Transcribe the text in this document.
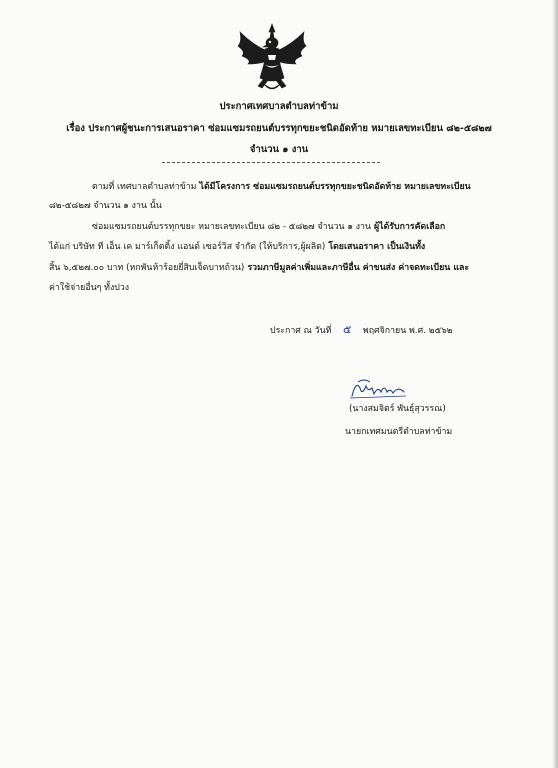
ประกาศเทศบาลตำบลท่าข้าม
เรื่อง ประกาศผู้ชนะการเสนอราคา ซ่อมแซมรถยนต์บรรทุกขยะชนิดอัดท้าย หมายเลขทะเบียน ๘๒-๕๘๒๗
จำนวน ๑ งาน
ตามที่ เทศบาลตำบลท่าข้าม ได้มีโครงการ ซ่อมแซมรถยนต์บรรทุกขยะชนิดอัดท้าย หมายเลขทะเบียน
๘๒-๕๘๒๗ จำนวน ๑ งาน นั้น
ซ่อมแซมรถยนต์บรรทุกขยะ หมายเลขทะเบียน ๘๒ - ๕๘๒๗ จำนวน ๑ งาน ผู้ได้รับการคัดเลือก
ได้แก่ บริษัท ที เอ็น เค มาร์เก็ตติ้ง แอนด์ เซอร์วิส จำกัด (ให้บริการ,ผู้ผลิต) โดยเสนอราคา เป็นเงินทั้ง
สิ้น ๖,๕๒๗.๐๐ บาท (หกพันห้าร้อยยี่สิบเจ็ดบาทถ้วน) รวมภาษีมูลค่าเพิ่มและภาษีอื่น ค่าขนส่ง ค่าจดทะเบียน และ
ค่าใช้จ่ายอื่นๆ ทั้งปวง
ประกาศ ณ วันที่ ๕ พฤศจิกายน พ.ศ. ๒๕๖๒
(นางสมจิตร์ พันธุ์สุวรรณ)
นายกเทศมนตรีตำบลท่าข้าม
